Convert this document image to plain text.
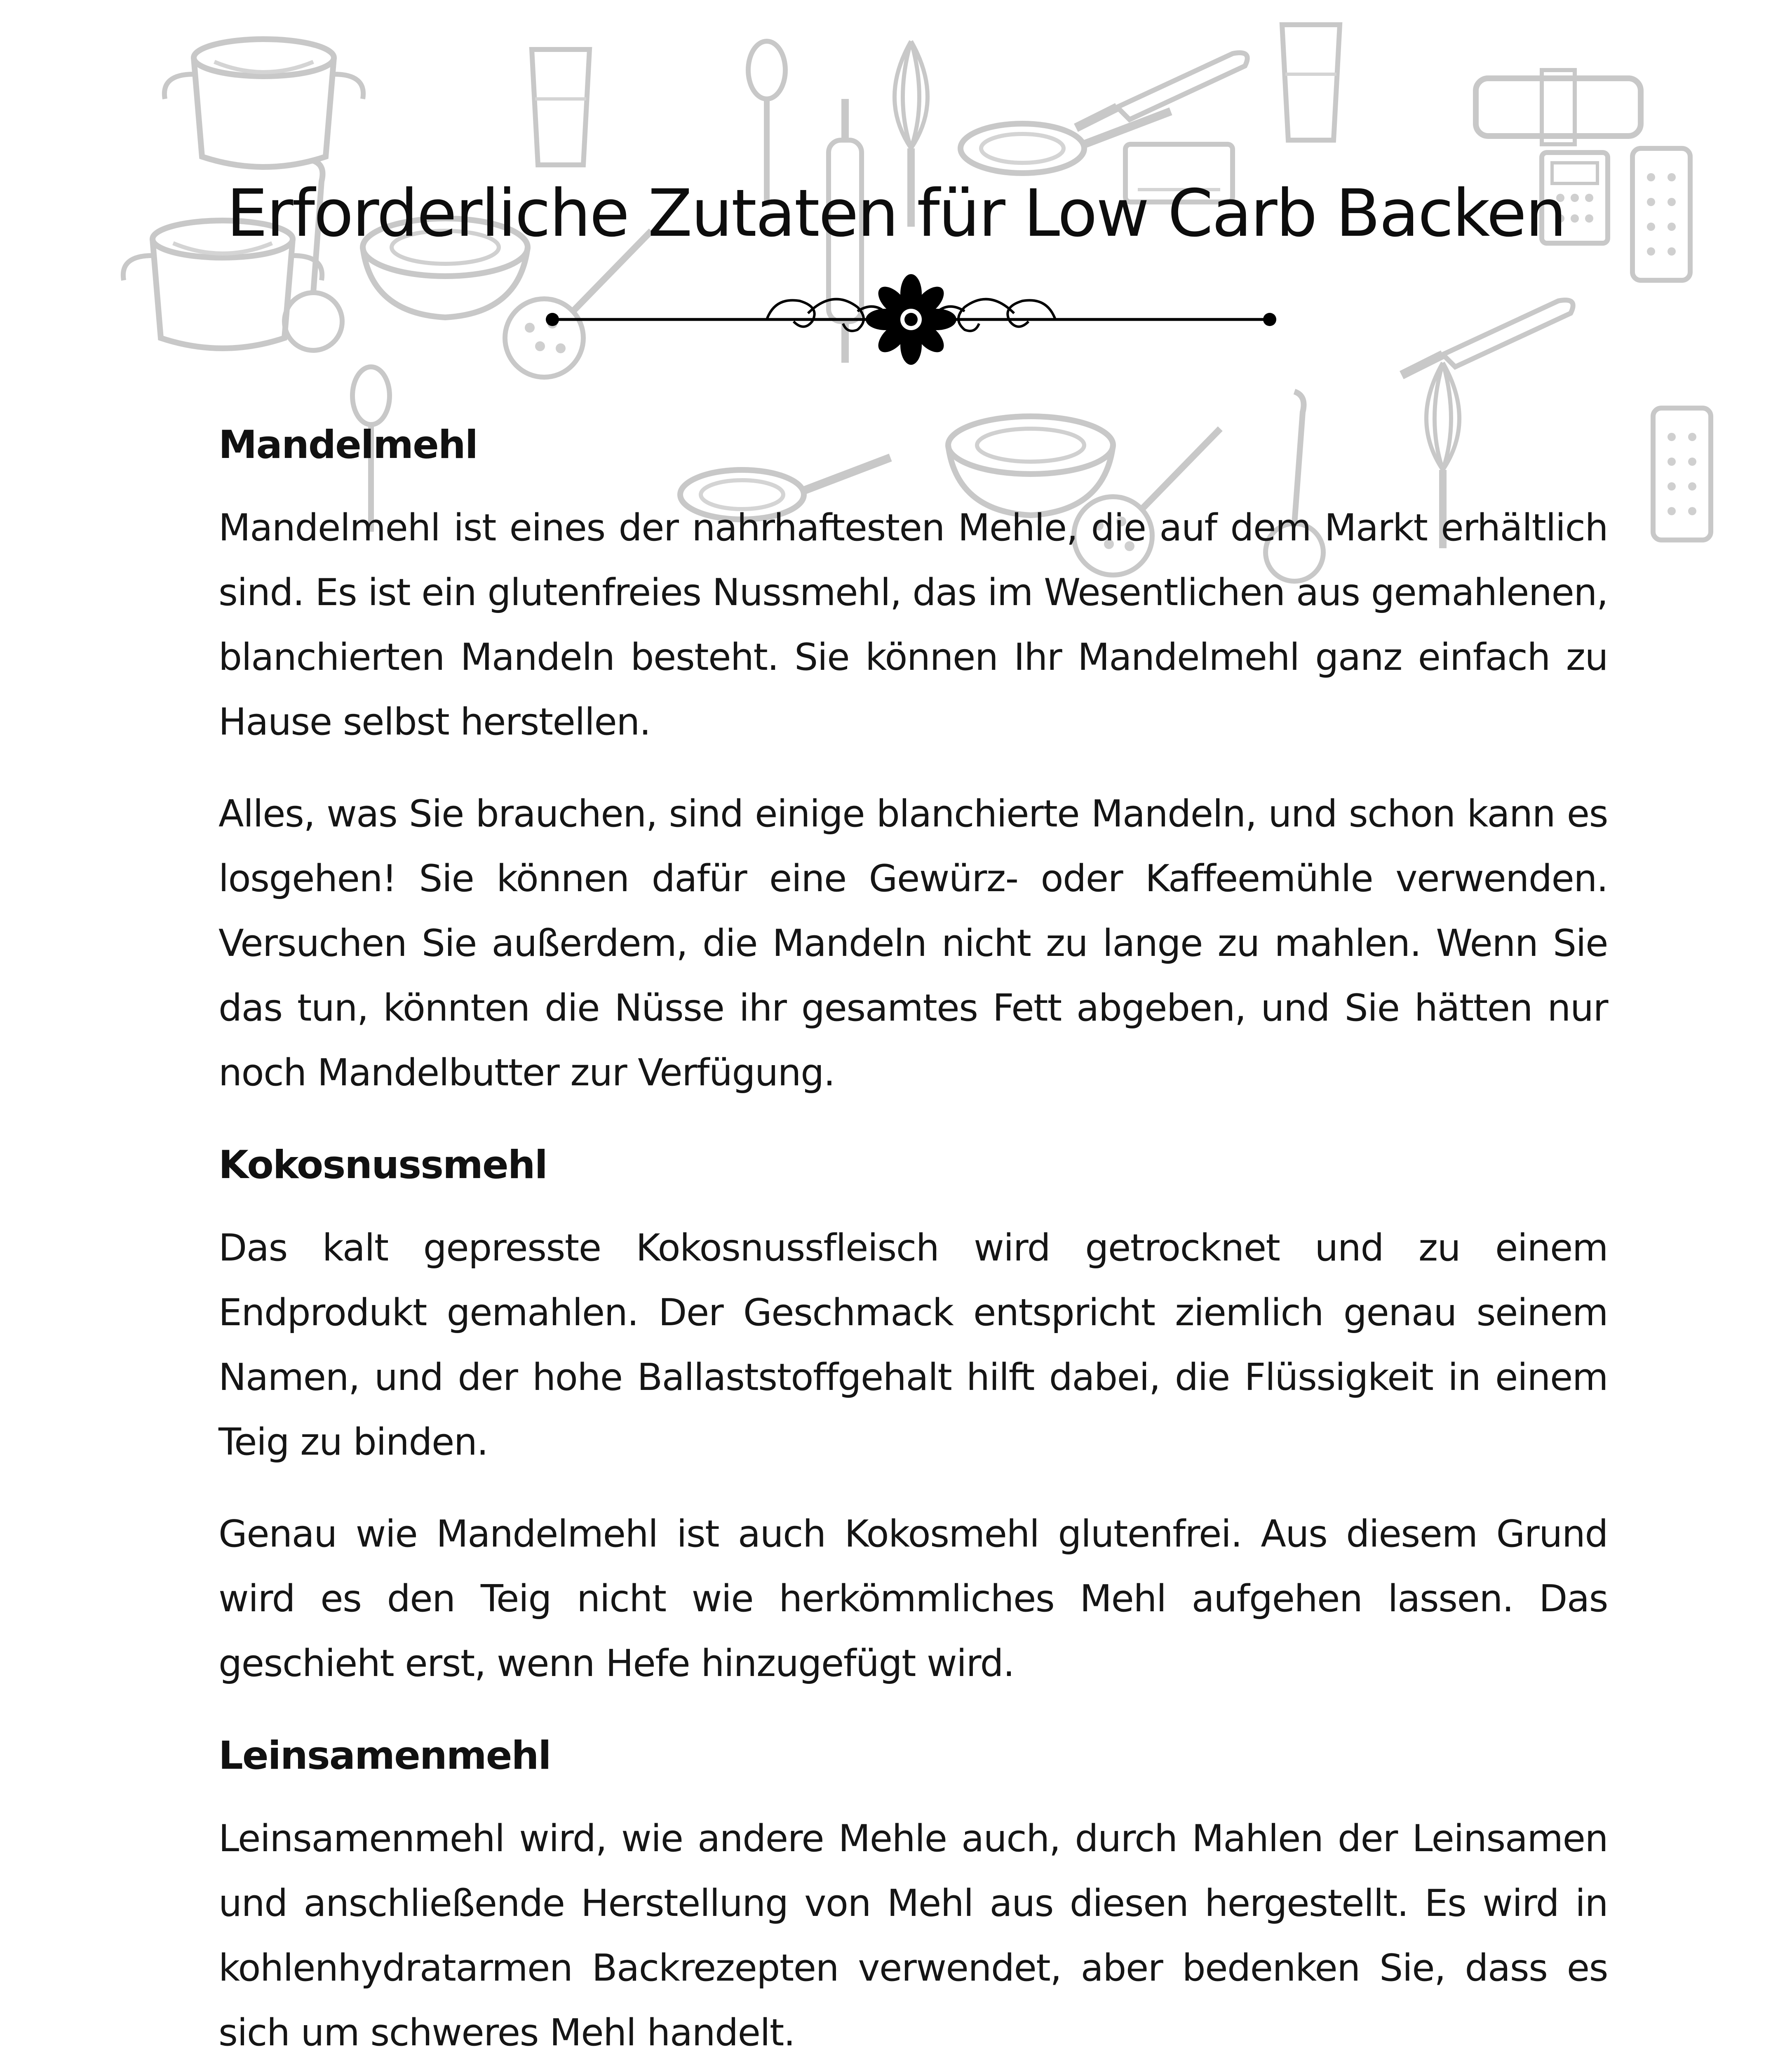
Erforderliche Zutaten für Low Carb Backen
Mandelmehl

Mandelmehl ist eines der nahrhaftesten Mehle, die auf dem Markt erhältlich sind. Es ist ein glutenfreies Nussmehl, das im Wesentlichen aus gemahlenen, blanchierten Mandeln besteht. Sie können Ihr Mandelmehl ganz einfach zu Hause selbst herstellen.

Alles, was Sie brauchen, sind einige blanchierte Mandeln, und schon kann es losgehen! Sie können dafür eine Gewürz- oder Kaffeemühle verwenden. Versuchen Sie außerdem, die Mandeln nicht zu lange zu mahlen. Wenn Sie das tun, könnten die Nüsse ihr gesamtes Fett abgeben, und Sie hätten nur noch Mandelbutter zur Verfügung.

Kokosnussmehl

Das kalt gepresste Kokosnussfleisch wird getrocknet und zu einem Endprodukt gemahlen. Der Geschmack entspricht ziemlich genau seinem Namen, und der hohe Ballaststoffgehalt hilft dabei, die Flüssigkeit in einem Teig zu binden.

Genau wie Mandelmehl ist auch Kokosmehl glutenfrei. Aus diesem Grund wird es den Teig nicht wie herkömmliches Mehl aufgehen lassen. Das geschieht erst, wenn Hefe hinzugefügt wird.

Leinsamenmehl

Leinsamenmehl wird, wie andere Mehle auch, durch Mahlen der Leinsamen und anschließende Herstellung von Mehl aus diesen hergestellt. Es wird in kohlenhydratarmen Backrezepten verwendet, aber bedenken Sie, dass es sich um schweres Mehl handelt.
